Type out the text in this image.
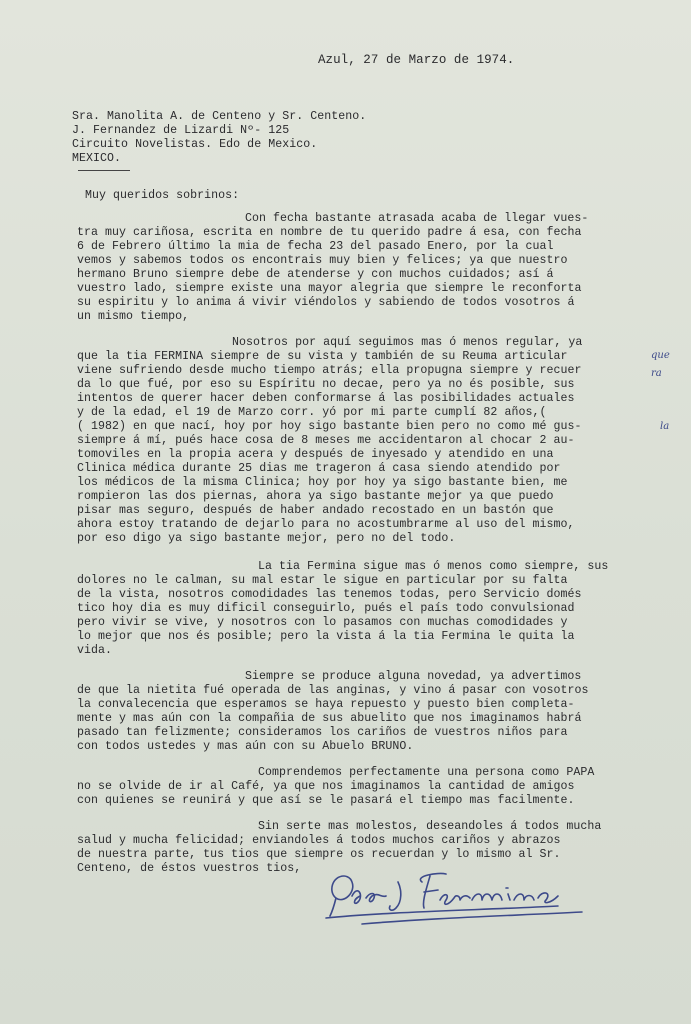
Azul, 27 de Marzo de 1974.
Sra. Manolita A. de Centeno y Sr. Centeno.
J. Fernandez de Lizardi Nº- 125
Circuito Novelistas. Edo de Mexico.
MEXICO.
Muy queridos sobrinos:
Con fecha bastante atrasada acaba de llegar vues-
tra muy cariñosa, escrita en nombre de tu querido padre á esa, con fecha
6 de Febrero último la mia de fecha 23 del pasado Enero, por la cual
vemos y sabemos todos os encontrais muy bien y felices; ya que nuestro
hermano Bruno siempre debe de atenderse y con muchos cuidados; así á
vuestro lado, siempre existe una mayor alegria que siempre le reconforta
su espiritu y lo anima á vivir viéndolos y sabiendo de todos vosotros á
un mismo tiempo,
Nosotros por aquí seguimos mas ó menos regular, ya
que la tia FERMINA siempre de su vista y también de su Reuma articular
viene sufriendo desde mucho tiempo atrás; ella propugna siempre y recuer
da lo que fué, por eso su Espíritu no decae, pero ya no és posible, sus
intentos de querer hacer deben conformarse á las posibilidades actuales
y de la edad, el 19 de Marzo corr. yó por mi parte cumplí 82 años,(
( 1982) en que nací, hoy por hoy sigo bastante bien pero no como mé gus-
siempre á mí, pués hace cosa de 8 meses me accidentaron al chocar 2 au-
tomoviles en la propia acera y después de inyesado y atendido en una
Clinica médica durante 25 dias me trageron á casa siendo atendido por
los médicos de la misma Clinica; hoy por hoy ya sigo bastante bien, me
rompieron las dos piernas, ahora ya sigo bastante mejor ya que puedo
pisar mas seguro, después de haber andado recostado en un bastón que
ahora estoy tratando de dejarlo para no acostumbrarme al uso del mismo,
por eso digo ya sigo bastante mejor, pero no del todo.
La tia Fermina sigue mas ó menos como siempre, sus
dolores no le calman, su mal estar le sigue en particular por su falta
de la vista, nosotros comodidades las tenemos todas, pero Servicio domés
tico hoy dia es muy dificil conseguirlo, pués el país todo convulsionad
pero vivir se vive, y nosotros con lo pasamos con muchas comodidades y
lo mejor que nos és posible; pero la vista á la tia Fermina le quita la
vida.
Siempre se produce alguna novedad, ya advertimos
de que la nietita fué operada de las anginas, y vino á pasar con vosotros
la convalecencia que esperamos se haya repuesto y puesto bien completa-
mente y mas aún con la compañia de sus abuelito que nos imaginamos habrá
pasado tan felizmente; consideramos los cariños de vuestros niños para
con todos ustedes y mas aún con su Abuelo BRUNO.
Comprendemos perfectamente una persona como PAPA
no se olvide de ir al Café, ya que nos imaginamos la cantidad de amigos
con quienes se reunirá y que así se le pasará el tiempo mas facilmente.
Sin serte mas molestos, deseandoles á todos mucha
salud y mucha felicidad; enviandoles á todos muchos cariños y abrazos
de nuestra parte, tus tios que siempre os recuerdan y lo mismo al Sr.
Centeno, de éstos vuestros tios,
que
ra
la
